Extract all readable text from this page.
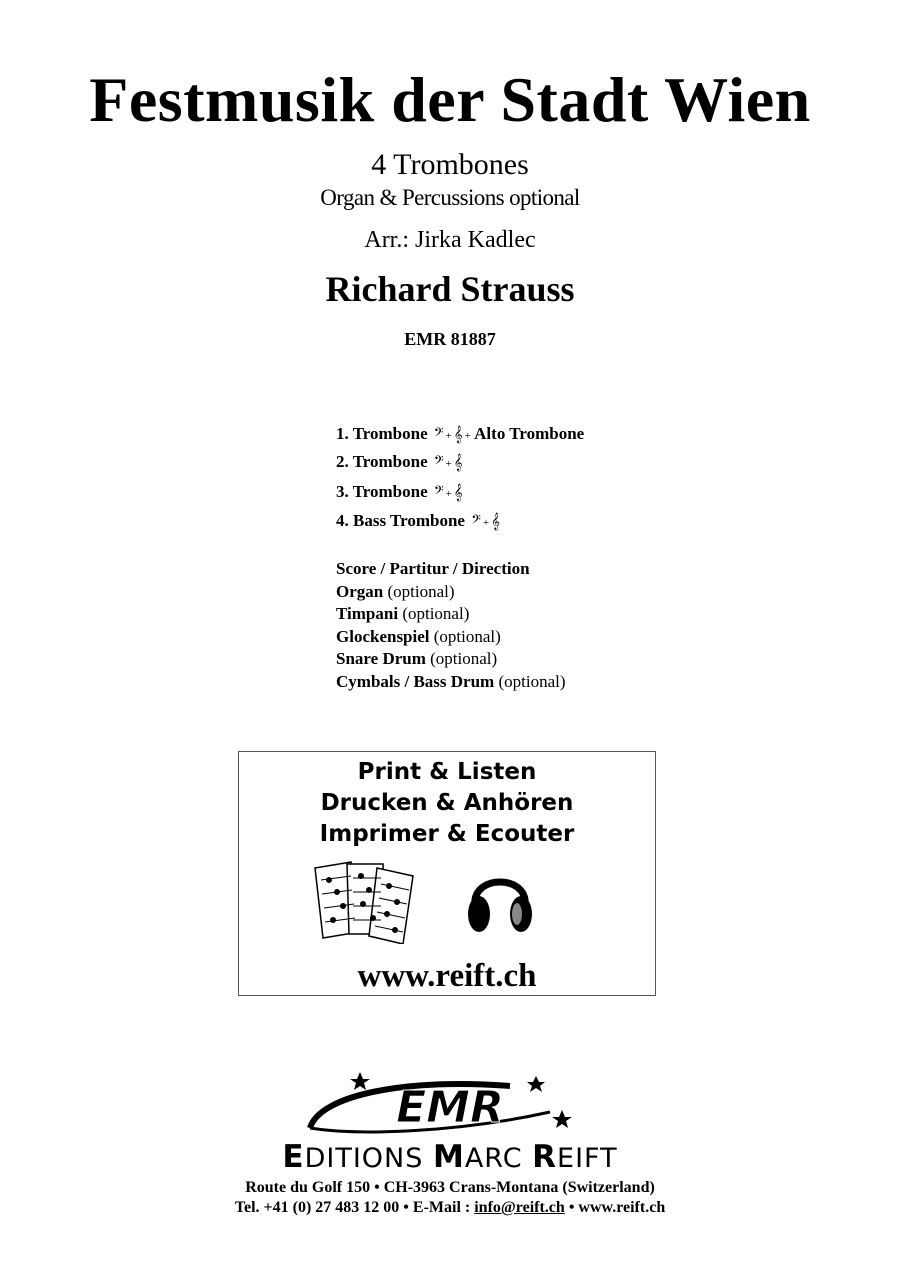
Festmusik der Stadt Wien
4 Trombones
Organ & Percussions optional
Arr.: Jirka Kadlec
Richard Strauss
EMR 81887
1. Trombone 𝄢 + 𝄞 + Alto Trombone
2. Trombone 𝄢 + 𝄞
3. Trombone 𝄢 + 𝄞
4. Bass Trombone 𝄢 + 𝄞
Score / Partitur / Direction
Organ (optional)
Timpani (optional)
Glockenspiel (optional)
Snare Drum (optional)
Cymbals / Bass Drum (optional)
Print & Listen
Drucken & Anhören
Imprimer & Ecouter
www.reift.ch
EMR
EDITIONS MARC REIFT
Route du Golf 150 • CH-3963 Crans-Montana (Switzerland)
Tel. +41 (0) 27 483 12 00 • E-Mail : info@reift.ch • www.reift.ch
